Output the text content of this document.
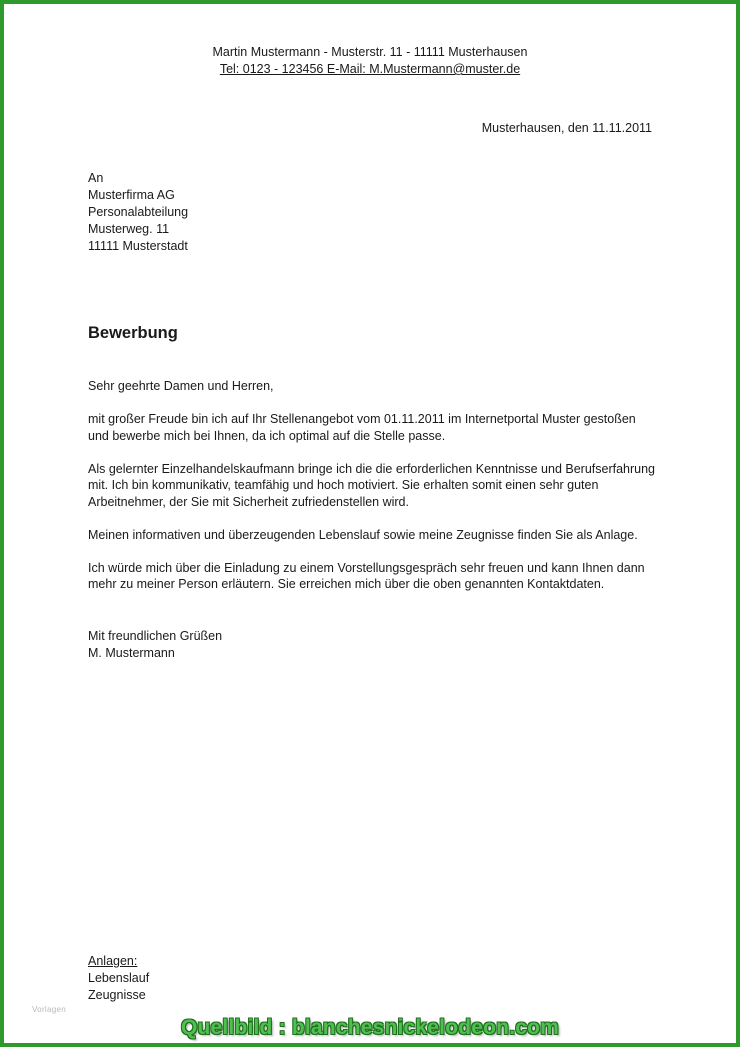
Martin Mustermann - Musterstr. 11 - 11111 Musterhausen
Tel: 0123 - 123456 E-Mail: M.Mustermann@muster.de
Musterhausen, den 11.11.2011
An
Musterfirma AG
Personalabteilung
Musterweg. 11
11111 Musterstadt
Bewerbung

Sehr geehrte Damen und Herren,

mit großer Freude bin ich auf Ihr Stellenangebot vom 01.11.2011 im Internetportal Muster gestoßen und bewerbe mich bei Ihnen, da ich optimal auf die Stelle passe.

Als gelernter Einzelhandelskaufmann bringe ich die die erforderlichen Kenntnisse und Berufserfahrung mit. Ich bin kommunikativ, teamfähig und hoch motiviert. Sie erhalten somit einen sehr guten Arbeitnehmer, der Sie mit Sicherheit zufriedenstellen wird.

Meinen informativen und überzeugenden Lebenslauf sowie meine Zeugnisse finden Sie als Anlage.

Ich würde mich über die Einladung zu einem Vorstellungsgespräch sehr freuen und kann Ihnen dann mehr zu meiner Person erläutern. Sie erreichen mich über die oben genannten Kontaktdaten.

Mit freundlichen Grüßen
M. Mustermann
Anlagen:
Lebenslauf
Zeugnisse
Vorlagen
Quellbild : blanchesnickelodeon.com
